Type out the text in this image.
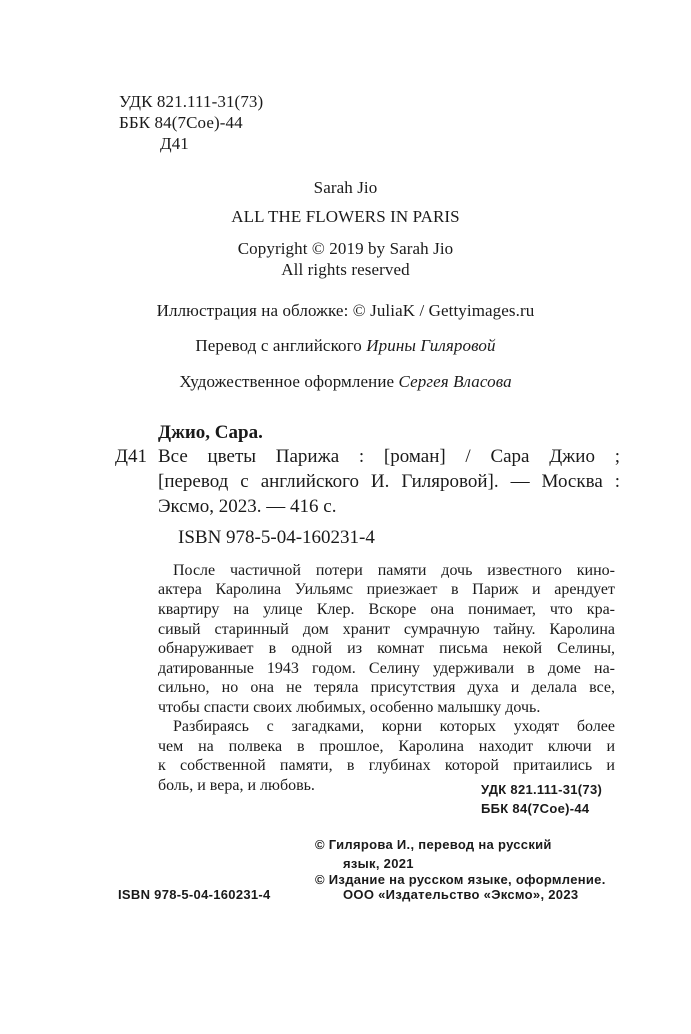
УДК 821.111-31(73)
ББК 84(7Сое)-44
Д41
Sarah Jio
ALL THE FLOWERS IN PARIS
Copyright © 2019 by Sarah Jio
All rights reserved
Иллюстрация на обложке: © JuliaK / Gettyimages.ru
Перевод с английского Ирины Гиляровой
Художественное оформление Сергея Власова
Джио, Сара.
Д41 Все цветы Парижа : [роман] / Сара Джио ;
[перевод с английского И. Гиляровой]. — Москва :
Эксмо, 2023. — 416 с.
ISBN 978-5-04-160231-4
После частичной потери памяти дочь известного кино-
актера Каролина Уильямс приезжает в Париж и арендует
квартиру на улице Клер. Вскоре она понимает, что кра-
сивый старинный дом хранит сумрачную тайну. Каролина
обнаруживает в одной из комнат письма некой Селины,
датированные 1943 годом. Селину удерживали в доме на-
сильно, но она не теряла присутствия духа и делала все,
чтобы спасти своих любимых, особенно малышку дочь.
Разбираясь с загадками, корни которых уходят более
чем на полвека в прошлое, Каролина находит ключи и
к собственной памяти, в глубинах которой притаились и
боль, и вера, и любовь.	УДК 821.111-31(73)
ББК 84(7Сое)-44
© Гилярова И., перевод на русский
язык, 2021
© Издание на русском языке, оформление.
ООО «Издательство «Эксмо», 2023
ISBN 978-5-04-160231-4
